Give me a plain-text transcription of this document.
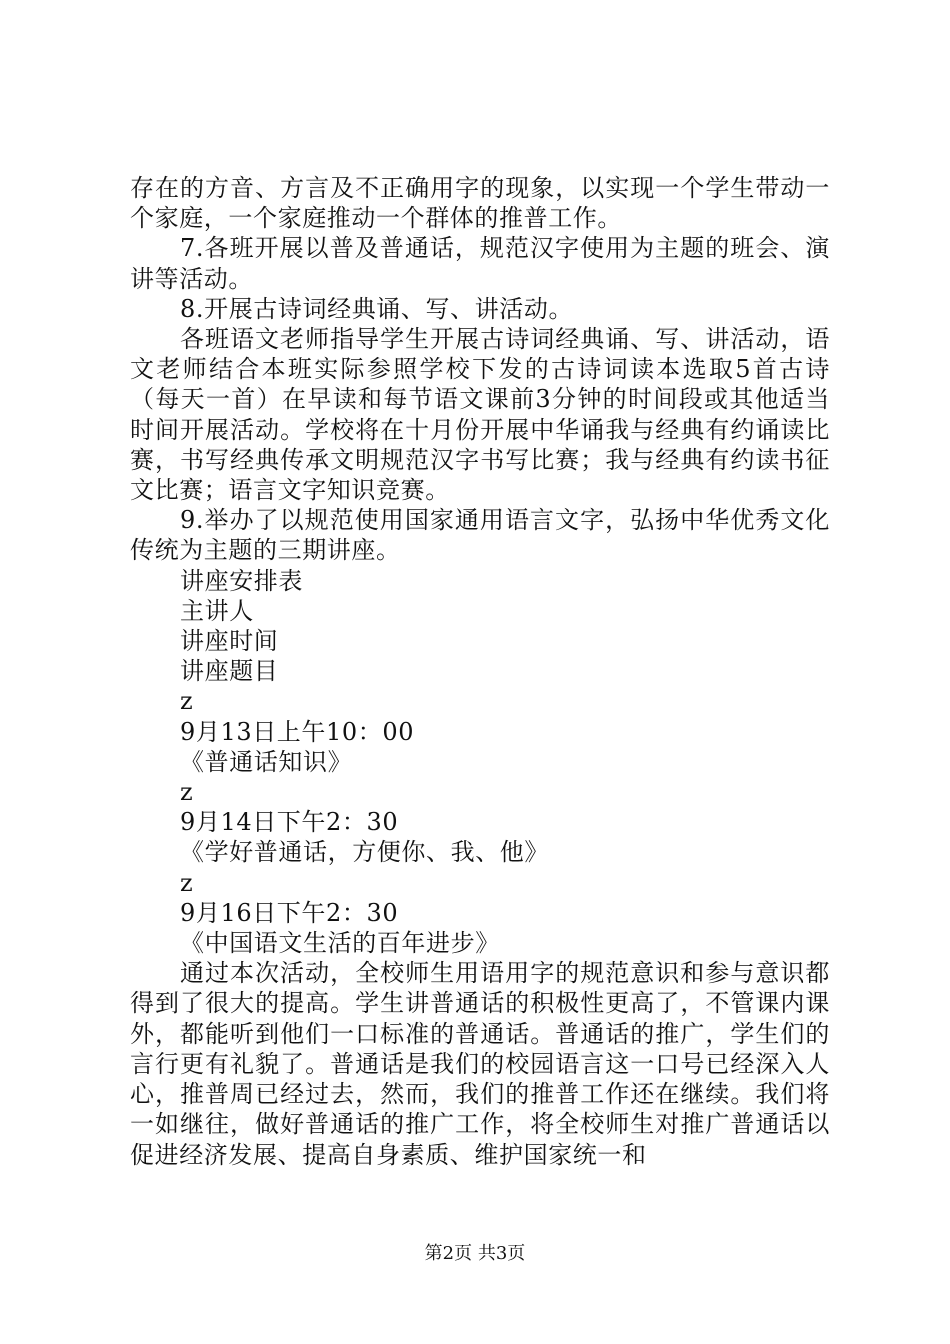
存在的方音、方言及不正确用字的现象，以实现一个学生带动一个家庭，一个家庭推动一个群体的推普工作。

7.各班开展以普及普通话，规范汉字使用为主题的班会、演讲等活动。

8.开展古诗词经典诵、写、讲活动。

各班语文老师指导学生开展古诗词经典诵、写、讲活动，语文老师结合本班实际参照学校下发的古诗词读本选取5首古诗（每天一首）在早读和每节语文课前3分钟的时间段或其他适当时间开展活动。学校将在十月份开展中华诵我与经典有约诵读比赛，书写经典传承文明规范汉字书写比赛；我与经典有约读书征文比赛；语言文字知识竞赛。

9.举办了以规范使用国家通用语言文字，弘扬中华优秀文化传统为主题的三期讲座。

讲座安排表

主讲人

讲座时间

讲座题目

z

9月13日上午10：00

《普通话知识》

z

9月14日下午2：30

《学好普通话，方便你、我、他》

z

9月16日下午2：30

《中国语文生活的百年进步》

通过本次活动，全校师生用语用字的规范意识和参与意识都得到了很大的提高。学生讲普通话的积极性更高了，不管课内课外，都能听到他们一口标准的普通话。普通话的推广，学生们的言行更有礼貌了。普通话是我们的校园语言这一口号已经深入人心，推普周已经过去，然而，我们的推普工作还在继续。我们将一如继往，做好普通话的推广工作，将全校师生对推广普通话以促进经济发展、提高自身素质、维护国家统一和

第2页 共3页
